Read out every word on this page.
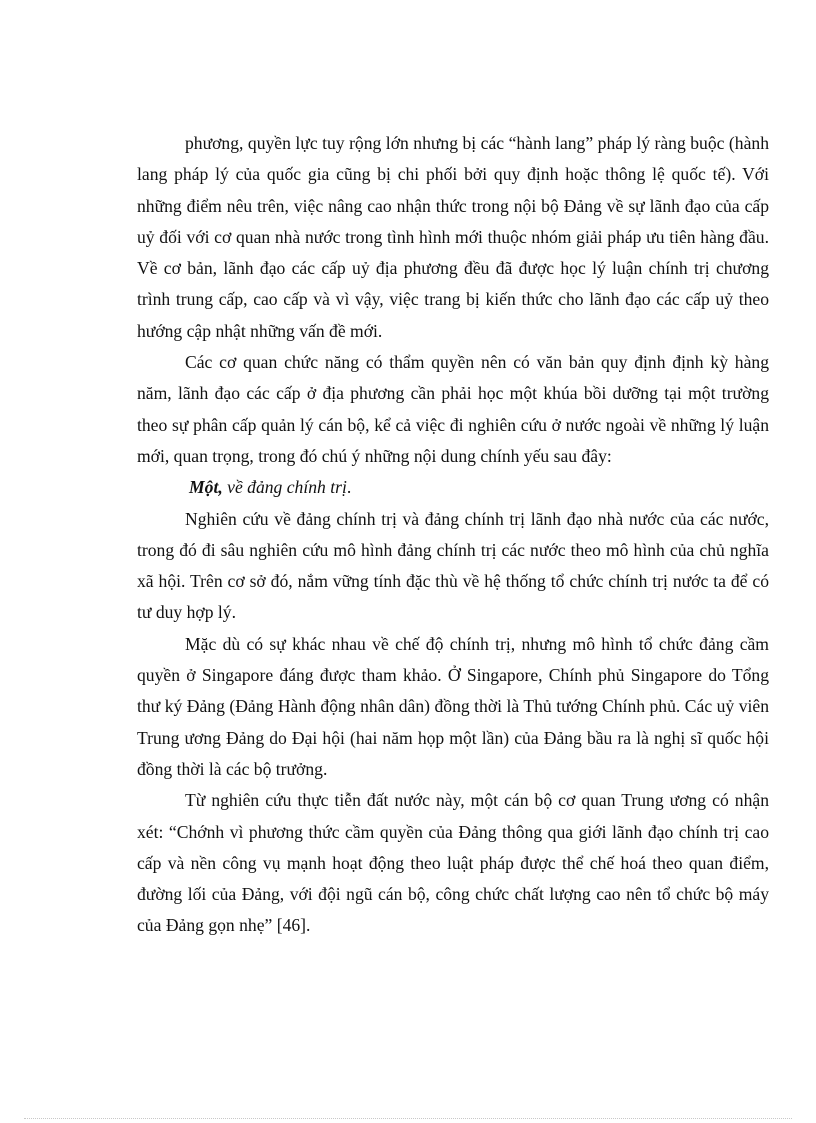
phương, quyền lực tuy rộng lớn nhưng bị các “hành lang” pháp lý ràng buộc (hành lang pháp lý của quốc gia cũng bị chi phối bởi quy định hoặc thông lệ quốc tế). Với những điểm nêu trên, việc nâng cao nhận thức trong nội bộ Đảng về sự lãnh đạo của cấp uỷ đối với cơ quan nhà nước trong tình hình mới thuộc nhóm giải pháp ưu tiên hàng đầu. Về cơ bản, lãnh đạo các cấp uỷ địa phương đều đã được học lý luận chính trị chương trình trung cấp, cao cấp và vì vậy, việc trang bị kiến thức cho lãnh đạo các cấp uỷ theo hướng cập nhật những vấn đề mới.

Các cơ quan chức năng có thẩm quyền nên có văn bản quy định định kỳ hàng năm, lãnh đạo các cấp ở địa phương cần phải học một khúa bồi dưỡng tại một trường theo sự phân cấp quản lý cán bộ, kể cả việc đi nghiên cứu ở nước ngoài về những lý luận mới, quan trọng, trong đó chú ý những nội dung chính yếu sau đây:

Một, về đảng chính trị.

Nghiên cứu về đảng chính trị và đảng chính trị lãnh đạo nhà nước của các nước, trong đó đi sâu nghiên cứu mô hình đảng chính trị các nước theo mô hình của chủ nghĩa xã hội. Trên cơ sở đó, nắm vững tính đặc thù về hệ thống tổ chức chính trị nước ta để có tư duy hợp lý.

Mặc dù có sự khác nhau về chế độ chính trị, nhưng mô hình tổ chức đảng cầm quyền ở Singapore đáng được tham khảo. Ở Singapore, Chính phủ Singapore do Tổng thư ký Đảng (Đảng Hành động nhân dân) đồng thời là Thủ tướng Chính phủ. Các uỷ viên Trung ương Đảng do Đại hội (hai năm họp một lần) của Đảng bầu ra là nghị sĩ quốc hội đồng thời là các bộ trưởng.

Từ nghiên cứu thực tiễn đất nước này, một cán bộ cơ quan Trung ương có nhận xét: “Chớnh vì phương thức cầm quyền của Đảng thông qua giới lãnh đạo chính trị cao cấp và nền công vụ mạnh hoạt động theo luật pháp được thể chế hoá theo quan điểm, đường lối của Đảng, với đội ngũ cán bộ, công chức chất lượng cao nên tổ chức bộ máy của Đảng gọn nhẹ” [46].
